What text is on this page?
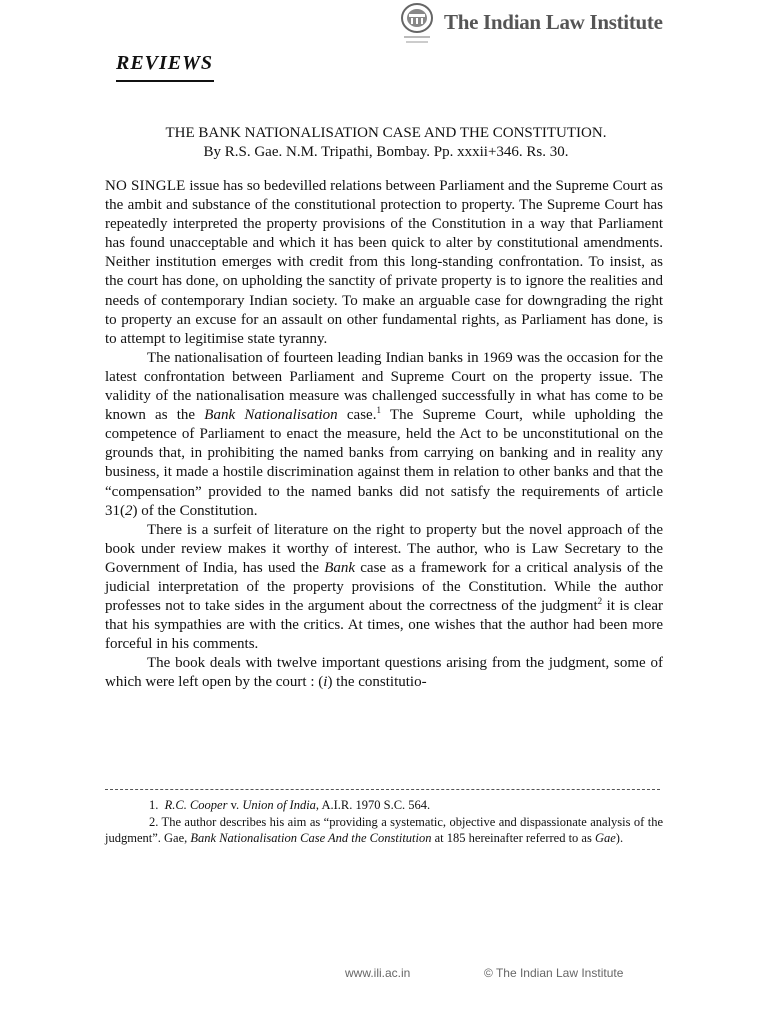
The Indian Law Institute
REVIEWS
THE BANK NATIONALISATION CASE AND THE CONSTITUTION.
By R.S. Gae. N.M. Tripathi, Bombay. Pp. xxxii+346. Rs. 30.

NO SINGLE issue has so bedevilled relations between Parliament and the Supreme Court as the ambit and substance of the constitutional protection to property. The Supreme Court has repeatedly interpreted the property provisions of the Constitution in a way that Parliament has found unacceptable and which it has been quick to alter by constitutional amendments. Neither institution emerges with credit from this long-standing confrontation. To insist, as the court has done, on upholding the sanctity of private property is to ignore the realities and needs of contemporary Indian society. To make an arguable case for downgrading the right to property an excuse for an assault on other fundamental rights, as Parliament has done, is to attempt to legitimise state tyranny.

The nationalisation of fourteen leading Indian banks in 1969 was the occasion for the latest confrontation between Parliament and Supreme Court on the property issue. The validity of the nationalisation measure was challenged successfully in what has come to be known as the Bank Nationalisation case.$^1$ The Supreme Court, while upholding the competence of Parliament to enact the measure, held the Act to be unconstitutional on the grounds that, in prohibiting the named banks from carrying on banking and in reality any business, it made a hostile discrimination against them in relation to other banks and that the “compensation” provided to the named banks did not satisfy the requirements of article 31(2) of the Constitution.

There is a surfeit of literature on the right to property but the novel approach of the book under review makes it worthy of interest. The author, who is Law Secretary to the Government of India, has used the Bank case as a framework for a critical analysis of the judicial interpretation of the property provisions of the Constitution. While the author professes not to take sides in the argument about the correctness of the judgment$^2$ it is clear that his sympathies are with the critics. At times, one wishes that the author had been more forceful in his comments.

The book deals with twelve important questions arising from the judgment, some of which were left open by the court : (i) the constitutio-

1. R.C. Cooper v. Union of India, A.I.R. 1970 S.C. 564.

2. The author describes his aim as “providing a systematic, objective and dispassionate analysis of the judgment”. Gae, Bank Nationalisation Case And the Constitution at 185 hereinafter referred to as Gae).

www.ili.ac.in	© The Indian Law Institute
